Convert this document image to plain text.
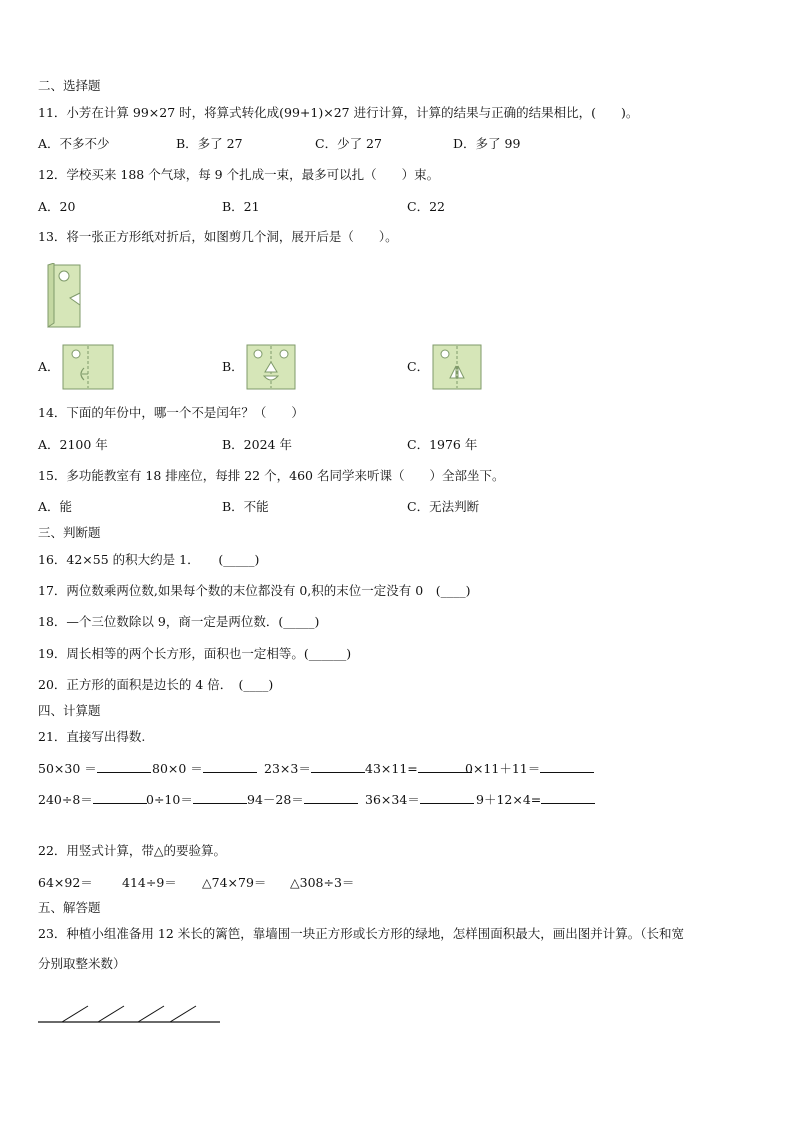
二、选择题
11．小芳在计算 99×27 时，将算式转化成(99+1)×27 进行计算，计算的结果与正确的结果相比，(　　)。
A．不多不少	B．多了 27	C．少了 27	D．多了 99
12．学校买来 188 个气球，每 9 个扎成一束，最多可以扎（　　）束。
A．20	B．21	C．22
13．将一张正方形纸对折后，如图剪几个洞，展开后是（　　）。
A．	B．	C．
14．下面的年份中，哪一个不是闰年？（　　）
A．2100 年	B．2024 年	C．1976 年
15．多功能教室有 18 排座位，每排 22 个，460 名同学来听课（　　）全部坐下。
A．能	B．不能	C．无法判断
三、判断题
16．42×55 的积大约是 1．　　(_____)
17．两位数乘两位数,如果每个数的末位都没有 0,积的末位一定没有 0　(____)
18．—个三位数除以 9，商一定是两位数．(_____)
19．周长相等的两个长方形，面积也一定相等。(______)
20．正方形的面积是边长的 4 倍．　(____)
四、计算题
21．直接写出得数.
50×30 ＝	80×0 ＝	23×3＝	43×11=	0×11＋11＝
240÷8＝	0÷10＝	94－28＝	36×34＝	9＋12×4=
22．用竖式计算，带△的要验算。
64×92＝ 414÷9＝ △74×79＝ △308÷3＝
五、解答题
23．种植小组准备用 12 米长的篱笆，靠墙围一块正方形或长方形的绿地，怎样围面积最大，画出图并计算。（长和宽
分别取整米数）
